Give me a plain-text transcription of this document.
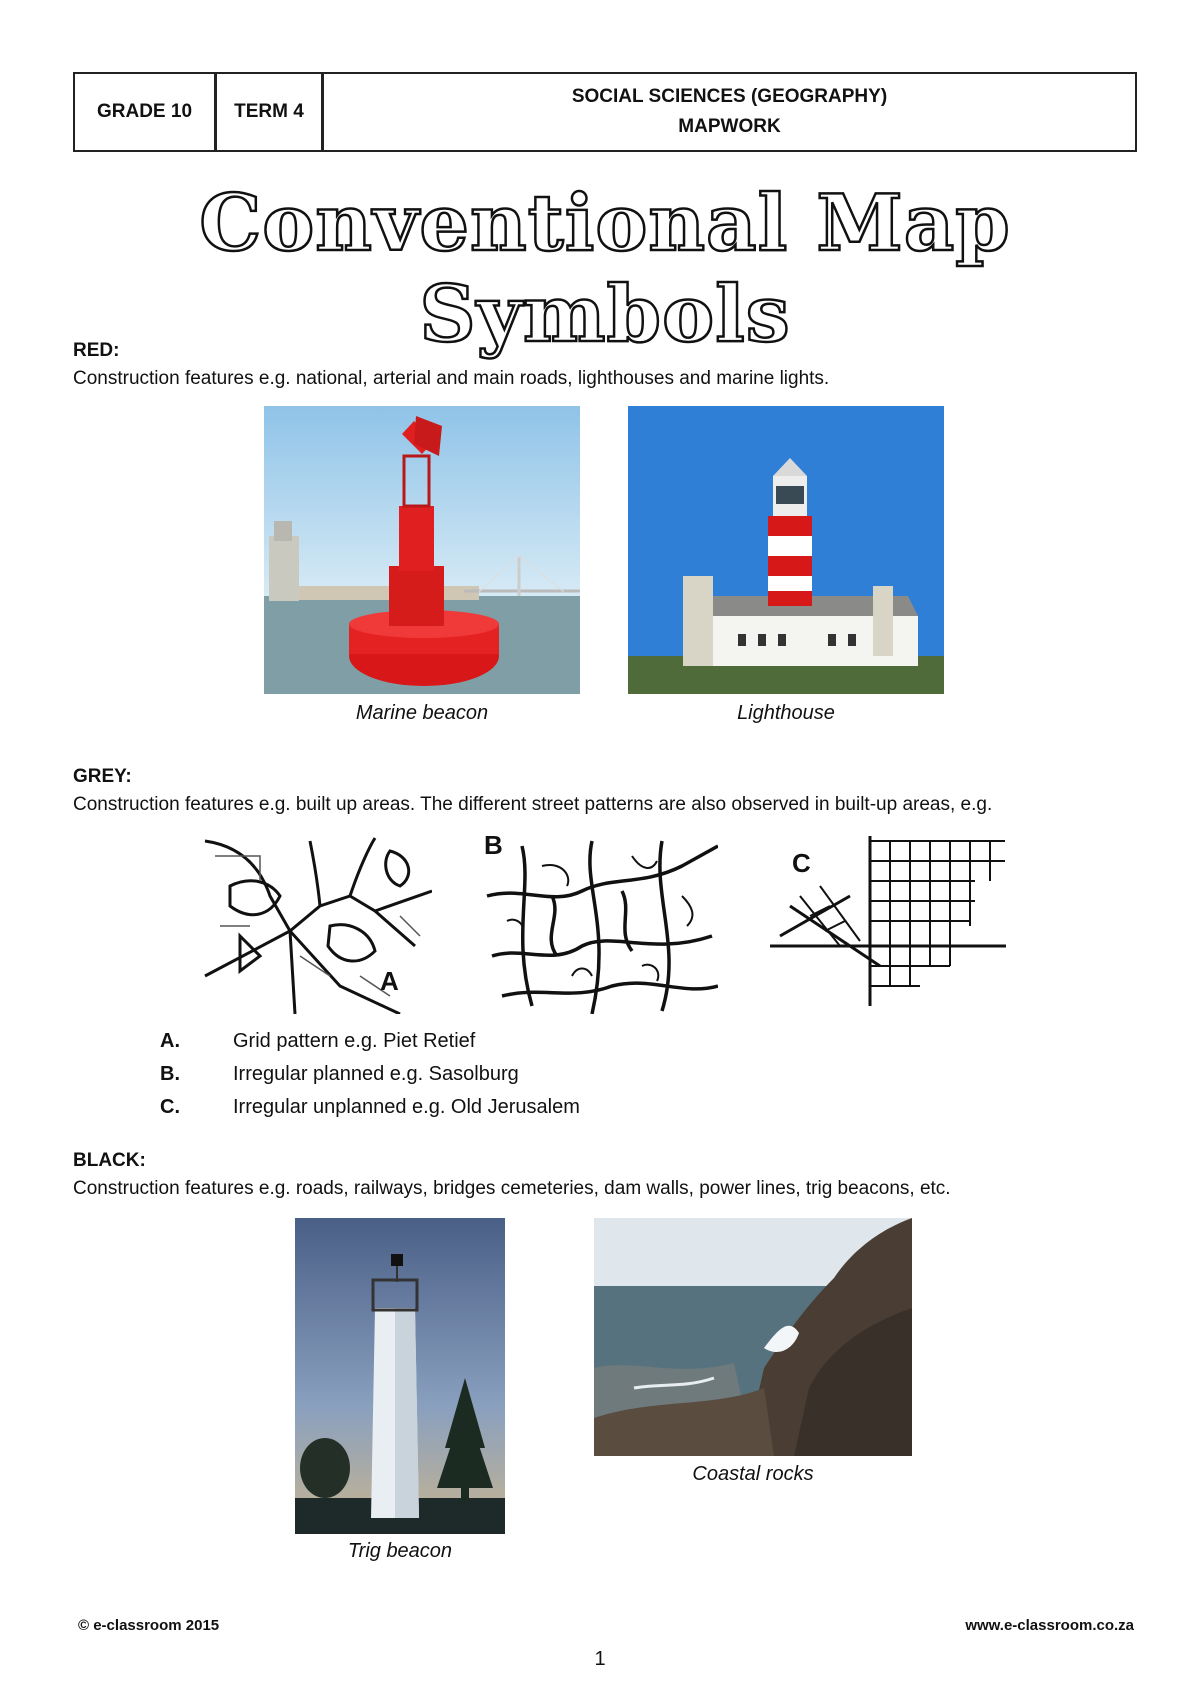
GRADE 10	TERM 4
SOCIAL SCIENCES (GEOGRAPHY)
MAPWORK
Conventional Map Symbols
RED:
Construction features e.g. national, arterial and main roads, lighthouses and marine lights.
Marine beacon	Lighthouse
GREY:
Construction features e.g. built up areas. The different street patterns are also observed in built-up areas, e.g.
A
B
C
A.	Grid pattern e.g. Piet Retief
B.	Irregular planned e.g. Sasolburg
C.	Irregular unplanned e.g. Old Jerusalem
BLACK:
Construction features e.g. roads, railways, bridges cemeteries, dam walls, power lines, trig beacons, etc.
Coastal rocks
Trig beacon
© e-classroom 2015	www.e-classroom.co.za
1
